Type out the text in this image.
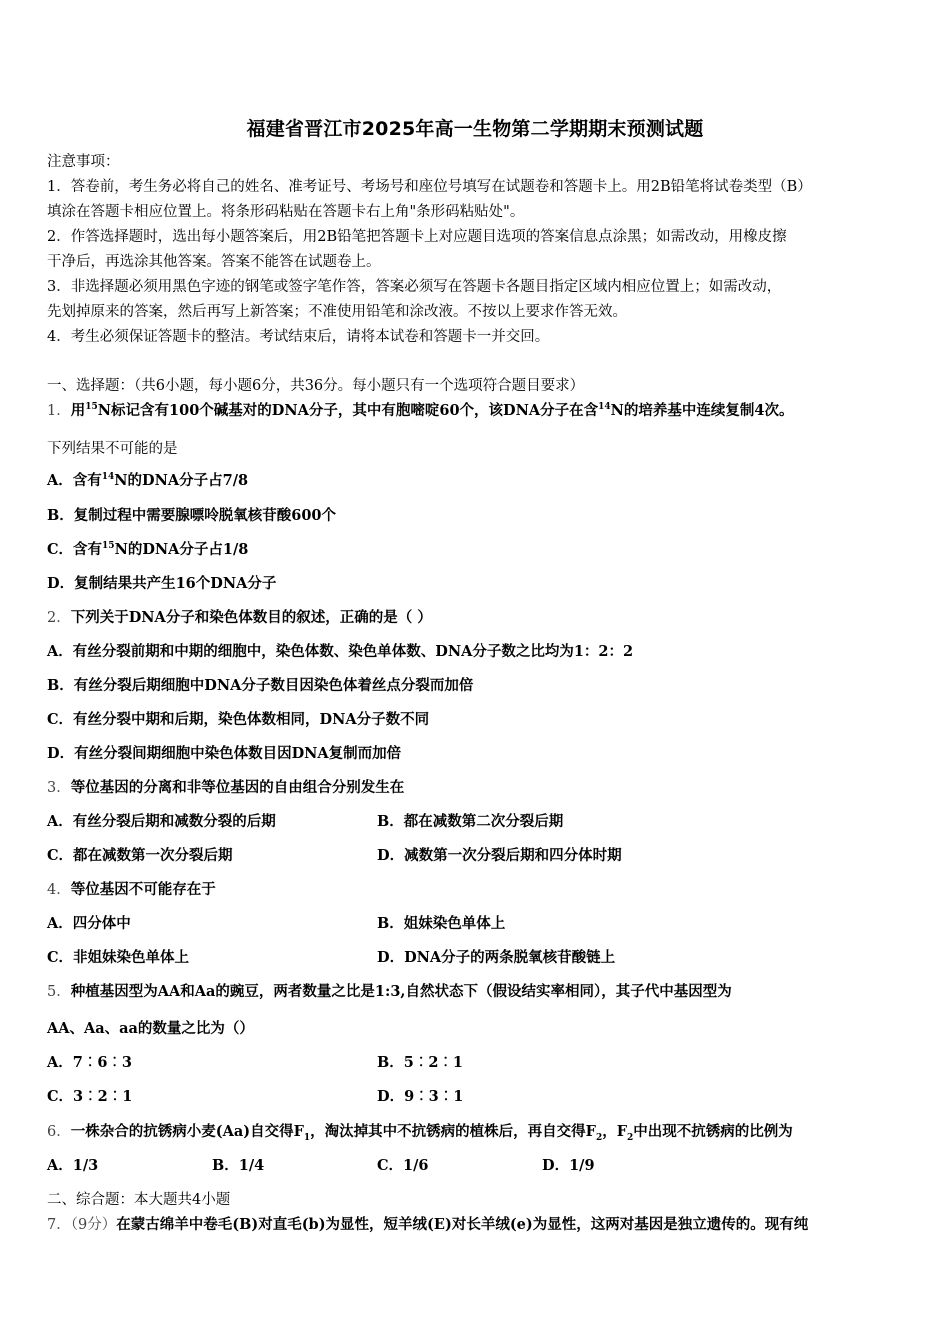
福建省晋江市2025年高一生物第二学期期末预测试题
注意事项：
1．答卷前，考生务必将自己的姓名、准考证号、考场号和座位号填写在试题卷和答题卡上。用2B铅笔将试卷类型（B）
填涂在答题卡相应位置上。将条形码粘贴在答题卡右上角"条形码粘贴处"。
2．作答选择题时，选出每小题答案后，用2B铅笔把答题卡上对应题目选项的答案信息点涂黑；如需改动，用橡皮擦
干净后，再选涂其他答案。答案不能答在试题卷上。
3．非选择题必须用黑色字迹的钢笔或签字笔作答，答案必须写在答题卡各题目指定区域内相应位置上；如需改动，
先划掉原来的答案，然后再写上新答案；不准使用铅笔和涂改液。不按以上要求作答无效。
4．考生必须保证答题卡的整洁。考试结束后，请将本试卷和答题卡一并交回。
一、选择题：（共6小题，每小题6分，共36分。每小题只有一个选项符合题目要求）
1．用$^{15}$N标记含有100个碱基对的DNA分子，其中有胞嘧啶60个，该DNA分子在含$^{14}$N的培养基中连续复制4次。
下列结果不可能的是
A．含有$^{14}$N的DNA分子占7/8
B．复制过程中需要腺嘌呤脱氧核苷酸600个
C．含有$^{15}$N的DNA分子占1/8
D．复制结果共产生16个DNA分子
2．下列关于DNA分子和染色体数目的叙述，正确的是（ ）
A．有丝分裂前期和中期的细胞中，染色体数、染色单体数、DNA分子数之比均为1：2：2
B．有丝分裂后期细胞中DNA分子数目因染色体着丝点分裂而加倍
C．有丝分裂中期和后期，染色体数相同，DNA分子数不同
D．有丝分裂间期细胞中染色体数目因DNA复制而加倍
3．等位基因的分离和非等位基因的自由组合分别发生在
A．有丝分裂后期和减数分裂的后期	B．都在减数第二次分裂后期
C．都在减数第一次分裂后期	D．减数第一次分裂后期和四分体时期
4．等位基因不可能存在于
A．四分体中	B．姐妹染色单体上
C．非姐妹染色单体上	D．DNA分子的两条脱氧核苷酸链上
5．种植基因型为AA和Aa的豌豆，两者数量之比是1:3,自然状态下（假设结实率相同），其子代中基因型为
AA、Aa、aa的数量之比为（）
A．7︰6︰3	B．5︰2︰1
C．3︰2︰1	D．9︰3︰1
6．一株杂合的抗锈病小麦(Aa)自交得$F_1$，淘汰掉其中不抗锈病的植株后，再自交得$F_2$，$F_2$中出现不抗锈病的比例为
A．1/3	B．1/4	C．1/6	D．1/9
二、综合题：本大题共4小题
7．（9分）在蒙古绵羊中卷毛(B)对直毛(b)为显性，短羊绒(E)对长羊绒(e)为显性，这两对基因是独立遗传的。现有纯
